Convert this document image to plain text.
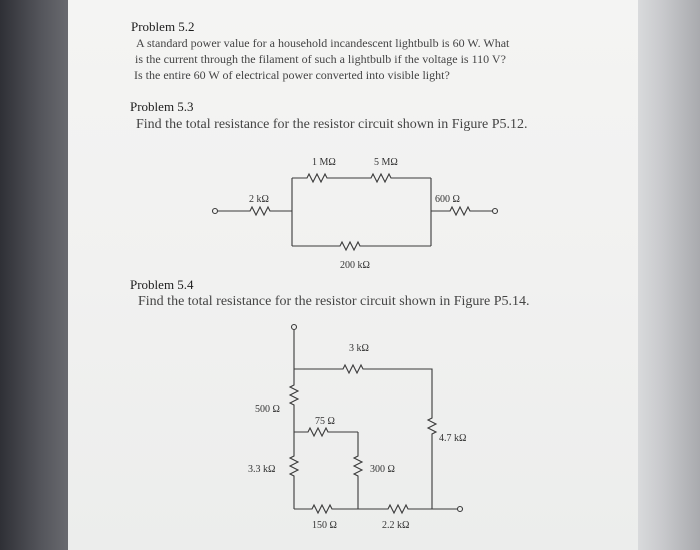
Problem 5.2
A standard power value for a household incandescent lightbulb is 60 W. What
is the current through the filament of such a lightbulb if the voltage is 110 V?
Is the entire 60 W of electrical power converted into visible light?
Problem 5.3
Find the total resistance for the resistor circuit shown in Figure P5.12.
Problem 5.4
Find the total resistance for the resistor circuit shown in Figure P5.14.
1 MΩ	5 MΩ
2 kΩ	600 Ω
200 kΩ
3 kΩ
500 Ω
75 Ω
4.7 kΩ
3.3 kΩ	300 Ω
150 Ω	2.2 kΩ
